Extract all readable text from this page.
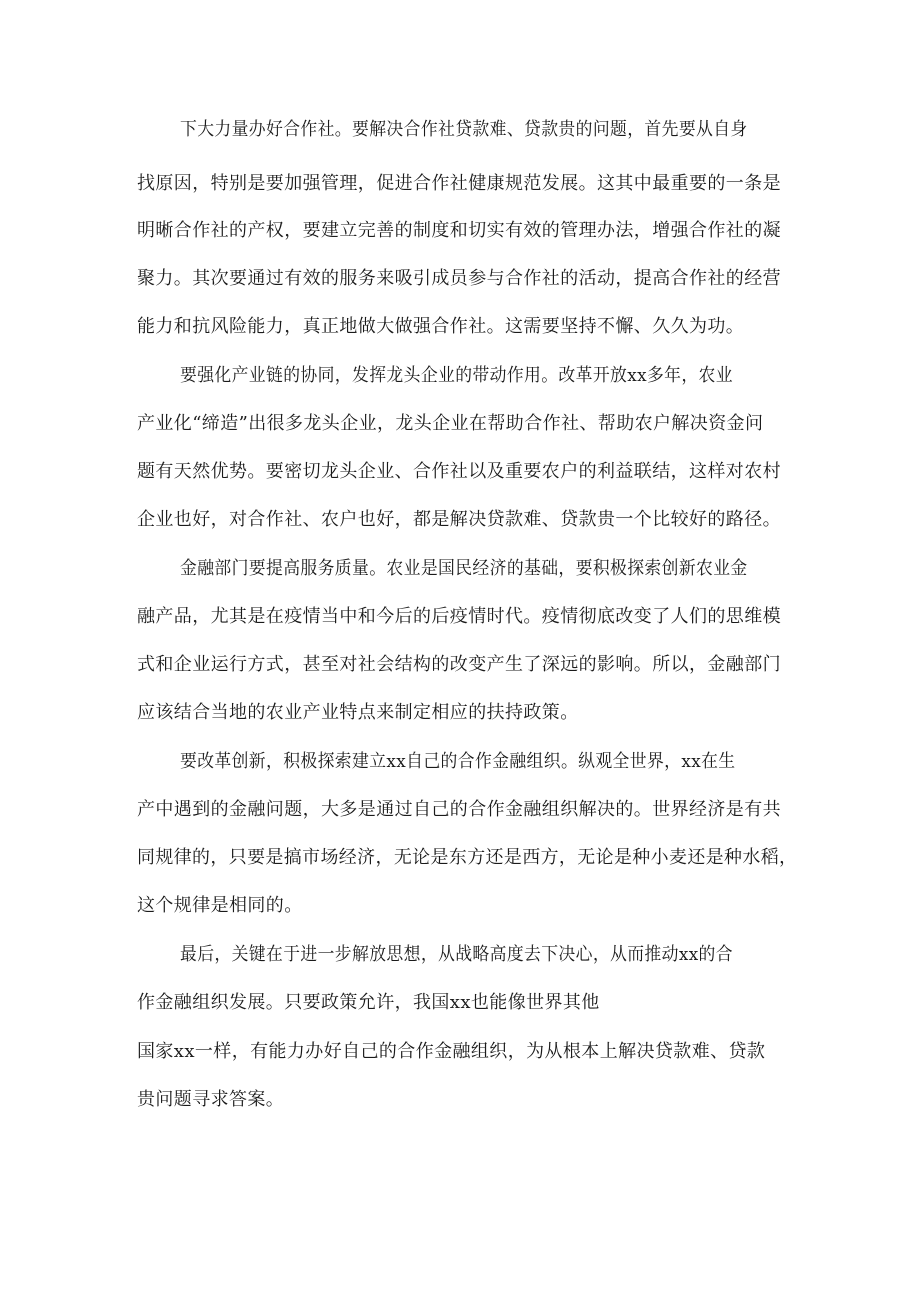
下大力量办好合作社。要解决合作社贷款难、贷款贵的问题，首先要从自身
找原因，特别是要加强管理，促进合作社健康规范发展。这其中最重要的一条是
明晰合作社的产权，要建立完善的制度和切实有效的管理办法，增强合作社的凝
聚力。其次要通过有效的服务来吸引成员参与合作社的活动，提高合作社的经营
能力和抗风险能力，真正地做大做强合作社。这需要坚持不懈、久久为功。
要强化产业链的协同，发挥龙头企业的带动作用。改革开放xx多年，农业
产业化“缔造”出很多龙头企业，龙头企业在帮助合作社、帮助农户解决资金问
题有天然优势。要密切龙头企业、合作社以及重要农户的利益联结，这样对农村
企业也好，对合作社、农户也好，都是解决贷款难、贷款贵一个比较好的路径。
金融部门要提高服务质量。农业是国民经济的基础，要积极探索创新农业金
融产品，尤其是在疫情当中和今后的后疫情时代。疫情彻底改变了人们的思维模
式和企业运行方式，甚至对社会结构的改变产生了深远的影响。所以，金融部门
应该结合当地的农业产业特点来制定相应的扶持政策。
要改革创新，积极探索建立xx自己的合作金融组织。纵观全世界，xx在生
产中遇到的金融问题，大多是通过自己的合作金融组织解决的。世界经济是有共
同规律的，只要是搞市场经济，无论是东方还是西方，无论是种小麦还是种水稻，
这个规律是相同的。
最后，关键在于进一步解放思想，从战略高度去下决心，从而推动xx的合
作金融组织发展。只要政策允许，我国xx也能像世界其他
国家xx一样，有能力办好自己的合作金融组织，为从根本上解决贷款难、贷款
贵问题寻求答案。
